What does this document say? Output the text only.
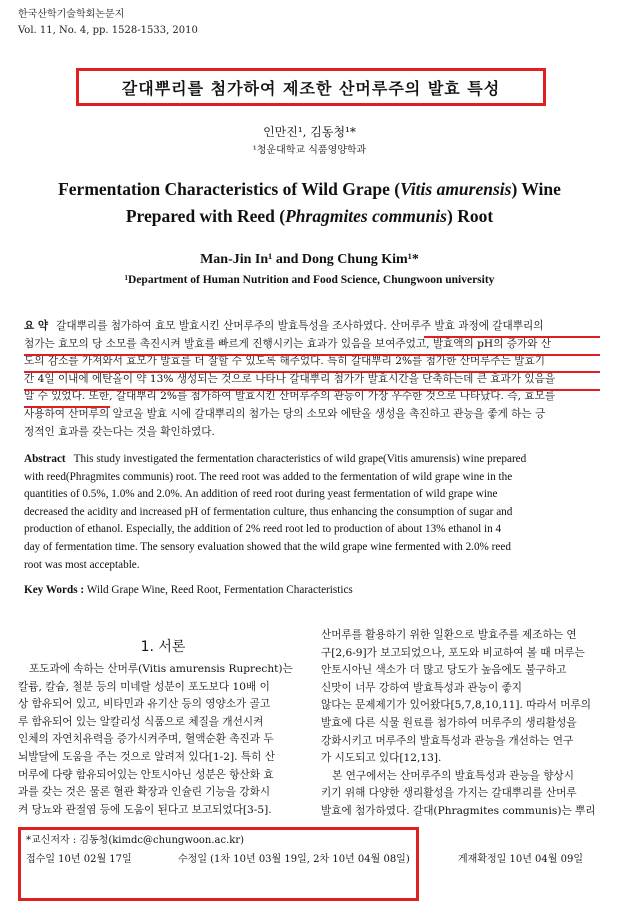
한국산학기술학회논문지
Vol. 11, No. 4, pp. 1528-1533, 2010
갈대뿌리를 첨가하여 제조한 산머루주의 발효 특성
인만진¹, 김동청¹*
¹청운대학교 식품영양학과
Fermentation Characteristics of Wild Grape (Vitis amurensis) Wine
Prepared with Reed (Phragmites communis) Root
Man-Jin In¹ and Dong Chung Kim¹*
¹Department of Human Nutrition and Food Science, Chungwoon university
요 약 갈대뿌리를 첨가하여 효모 발효시킨 산머루주의 발효특성을 조사하였다. 산머루주 발효 과정에 갈대뿌리의
첨가는 효모의 당 소모를 촉진시켜 발효를 빠르게 진행시키는 효과가 있음을 보여주었고, 발효액의 pH의 증가와 산
도의 감소를 가져와서 효모가 발효를 더 잘할 수 있도록 해주었다. 특히 갈대뿌리 2%를 첨가한 산머루주는 발효기
간 4일 이내에 에탄올이 약 13% 생성되는 것으로 나타나 갈대뿌리 첨가가 발효시간을 단축하는데 큰 효과가 있음을
알 수 있었다. 또한, 갈대뿌리 2%를 첨가하여 발효시킨 산머루주의 관능이 가장 우수한 것으로 나타났다. 즉, 효모를
사용하여 산머루의 알코올 발효 시에 갈대뿌리의 첨가는 당의 소모와 에탄올 생성을 촉진하고 관능을 좋게 하는 긍
정적인 효과를 갖는다는 것을 확인하였다.
Abstract This study investigated the fermentation characteristics of wild grape(Vitis amurensis) wine prepared
with reed(Phragmites communis) root. The reed root was added to the fermentation of wild grape wine in the
quantities of 0.5%, 1.0% and 2.0%. An addition of reed root during yeast fermentation of wild grape wine
decreased the acidity and increased pH of fermentation culture, thus enhancing the consumption of sugar and
production of ethanol. Especially, the addition of 2% reed root led to production of about 13% ethanol in 4
day of fermentation time. The sensory evaluation showed that the wild grape wine fermented with 2.0% reed
root was most acceptable.
Key Words : Wild Grape Wine, Reed Root, Fermentation Characteristics
1. 서론
포도과에 속하는 산머루(Vitis amurensis Ruprecht)는
칼륨, 칼슘, 철분 등의 미네랄 성분이 포도보다 10배 이
상 함유되어 있고, 비타민과 유기산 등의 영양소가 골고
루 함유되어 있는 알칼리성 식품으로 체질을 개선시켜
인체의 자연치유력을 증가시켜주며, 혈액순환 촉진과 두
뇌발달에 도움을 주는 것으로 알려져 있다[1-2]. 특히 산
머루에 다량 함유되어있는 안토시아닌 성분은 항산화 효
과를 갖는 것은 물론 혈관 확장과 인슐린 기능을 강화시
켜 당뇨와 관절염 등에 도움이 된다고 보고되었다[3-5].
산머루를 활용하기 위한 일환으로 발효주를 제조하는 연
구[2,6-9]가 보고되었으나, 포도와 비교하여 볼 때 머루는
안토시아닌 색소가 더 많고 당도가 높음에도 불구하고
신맛이 너무 강하여 발효특성과 관능이 좋지
않다는 문제제기가 있어왔다[5,7,8,10,11]. 따라서 머루의
발효에 다른 식물 원료를 첨가하여 머루주의 생리활성을
강화시키고 머루주의 발효특성과 관능을 개선하는 연구
가 시도되고 있다[12,13].
본 연구에서는 산머루주의 발효특성과 관능을 향상시
키기 위해 다양한 생리활성을 가지는 갈대뿌리를 산머루
발효에 첨가하였다. 갈대(Phragmites communis)는 뿌리
*교신저자 : 김동청(kimdc@chungwoon.ac.kr)
접수일 10년 02월 17일	수정일 (1차 10년 03월 19일, 2차 10년 04월 08일)	게재확정일 10년 04월 09일
